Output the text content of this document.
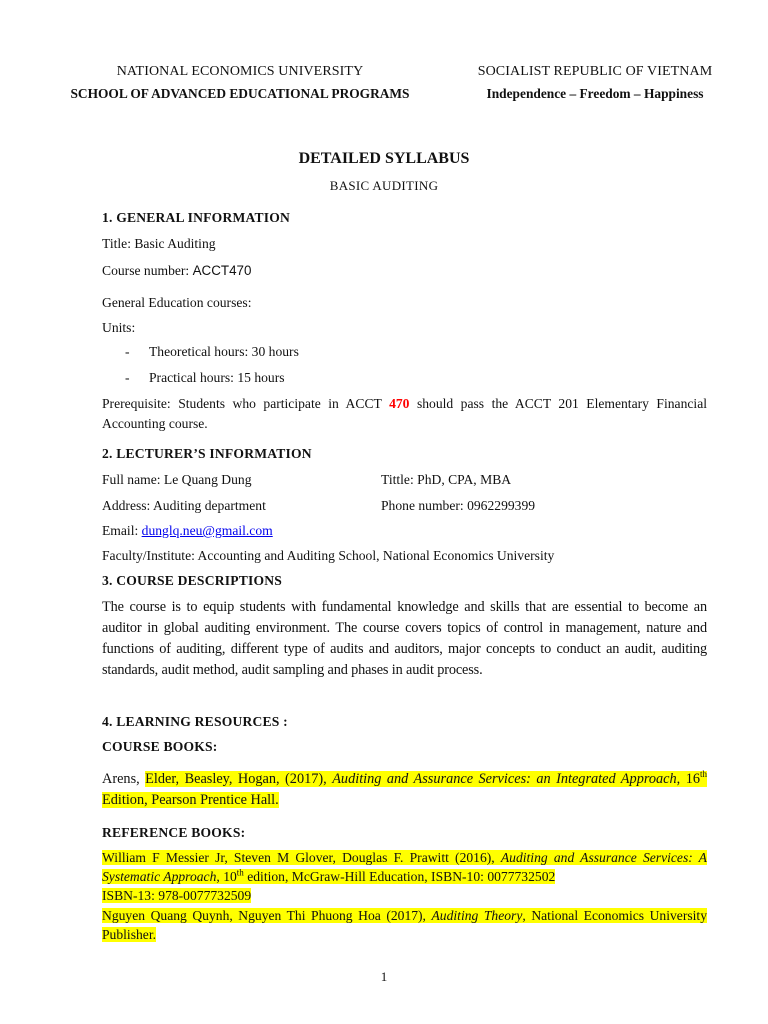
NATIONAL ECONOMICS UNIVERSITY
SCHOOL OF ADVANCED EDUCATIONAL PROGRAMS
SOCIALIST REPUBLIC OF VIETNAM
Independence – Freedom – Happiness
DETAILED SYLLABUS
BASIC AUDITING
1. GENERAL INFORMATION
Title: Basic Auditing
Course number: ACCT470
General Education courses:
Units:
- Theoretical hours: 30 hours
- Practical hours: 15 hours
Prerequisite: Students who participate in ACCT 470 should pass the ACCT 201 Elementary Financial Accounting course.
2. LECTURER’S INFORMATION
Full name: Le Quang Dung	Tittle: PhD, CPA, MBA
Address: Auditing department	Phone number: 0962299399
Email: dunglq.neu@gmail.com
Faculty/Institute: Accounting and Auditing School, National Economics University
3. COURSE DESCRIPTIONS
The course is to equip students with fundamental knowledge and skills that are essential to become an auditor in global auditing environment. The course covers topics of control in management, nature and functions of auditing, different type of audits and auditors, major concepts to conduct an audit, auditing standards, audit method, audit sampling and phases in audit process.
4. LEARNING RESOURCES :
COURSE BOOKS:
Arens, Elder, Beasley, Hogan, (2017), Auditing and Assurance Services: an Integrated Approach, 16th Edition, Pearson Prentice Hall.
REFERENCE BOOKS:
William F Messier Jr, Steven M Glover, Douglas F. Prawitt (2016), Auditing and Assurance Services: A Systematic Approach, 10th edition, McGraw-Hill Education, ISBN-10: 0077732502
ISBN-13: 978-0077732509
Nguyen Quang Quynh, Nguyen Thi Phuong Hoa (2017), Auditing Theory, National Economics University Publisher.
1
